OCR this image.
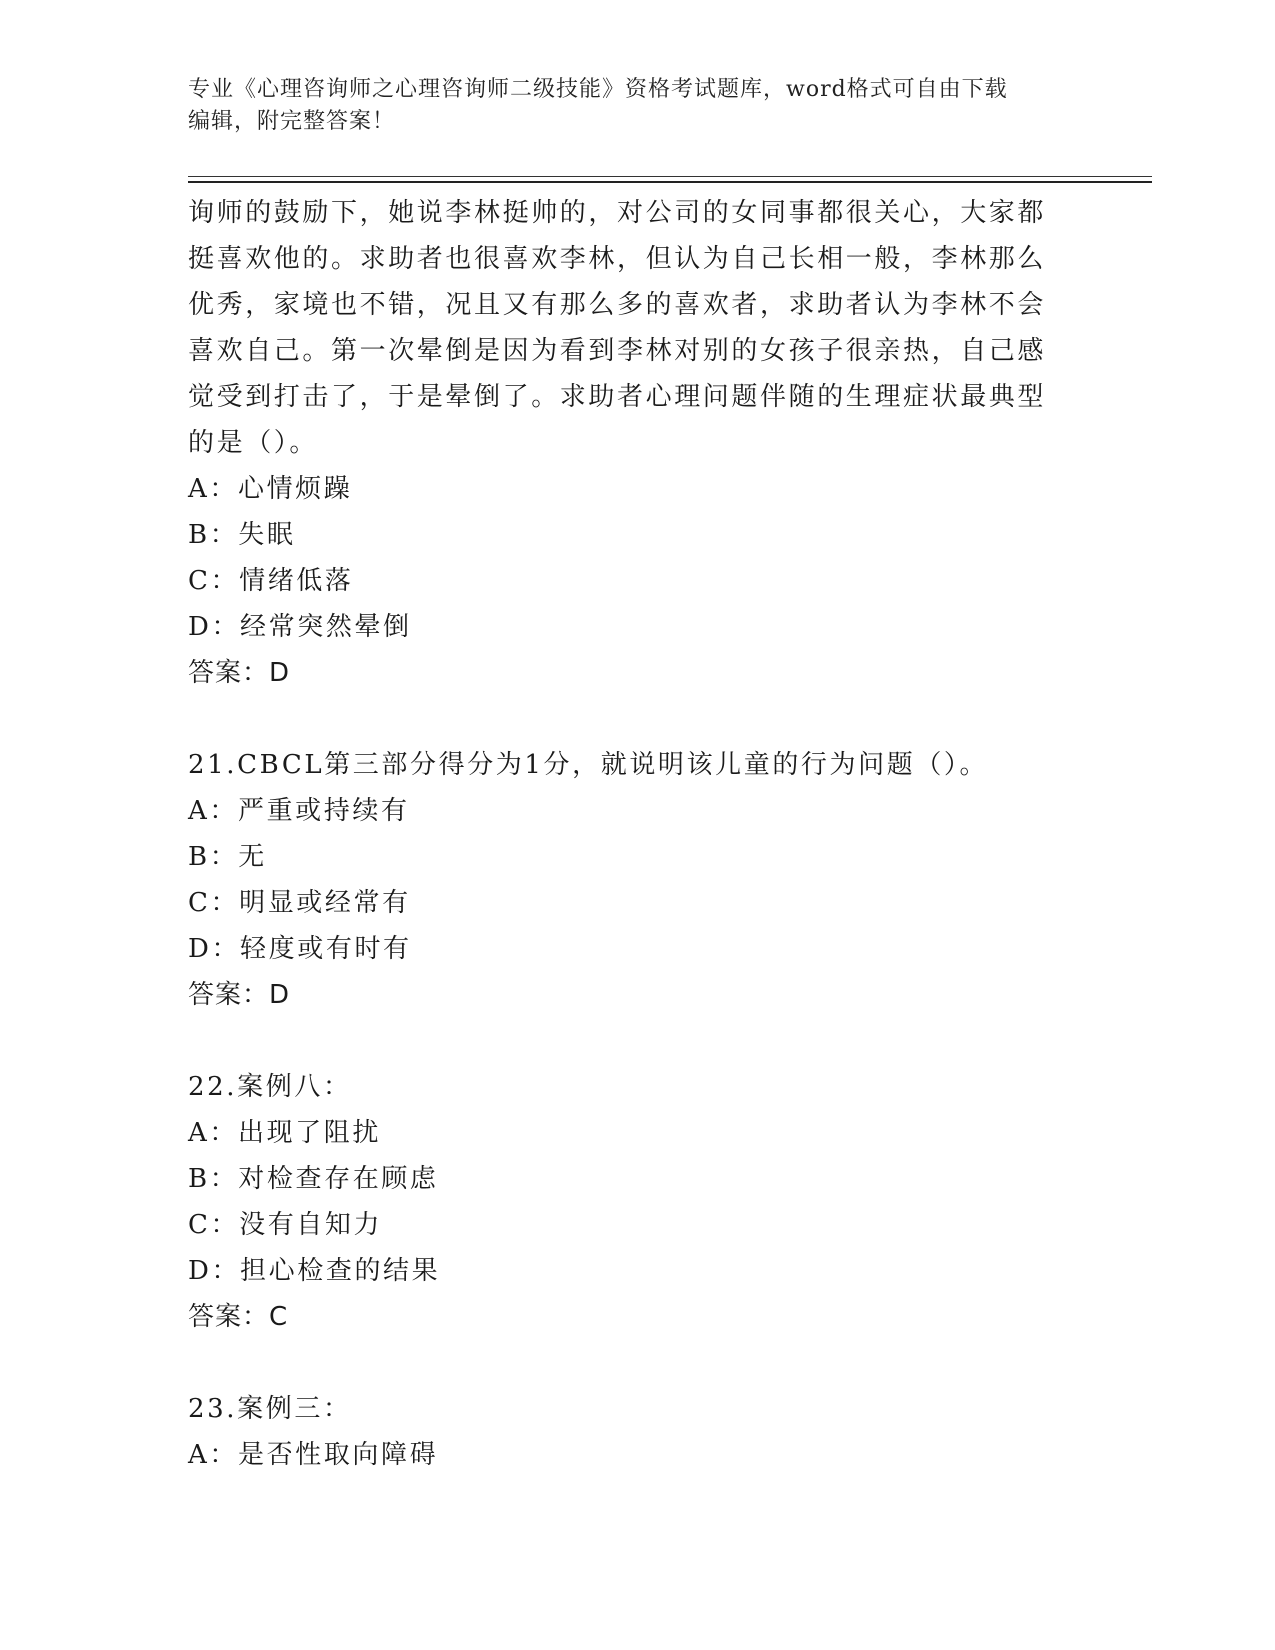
专业《心理咨询师之心理咨询师二级技能》资格考试题库，word格式可自由下载
编辑，附完整答案！
询师的鼓励下，她说李林挺帅的，对公司的女同事都很关心，大家都
挺喜欢他的。求助者也很喜欢李林，但认为自己长相一般，李林那么
优秀，家境也不错，况且又有那么多的喜欢者，求助者认为李林不会
喜欢自己。第一次晕倒是因为看到李林对别的女孩子很亲热，自己感
觉受到打击了，于是晕倒了。求助者心理问题伴随的生理症状最典型
的是（）。
A：心情烦躁
B：失眠
C：情绪低落
D：经常突然晕倒
答案：D
21.CBCL第三部分得分为1分，就说明该儿童的行为问题（）。
A：严重或持续有
B：无
C：明显或经常有
D：轻度或有时有
答案：D
22.案例八：
A：出现了阻扰
B：对检查存在顾虑
C：没有自知力
D：担心检查的结果
答案：C
23.案例三：
A：是否性取向障碍
